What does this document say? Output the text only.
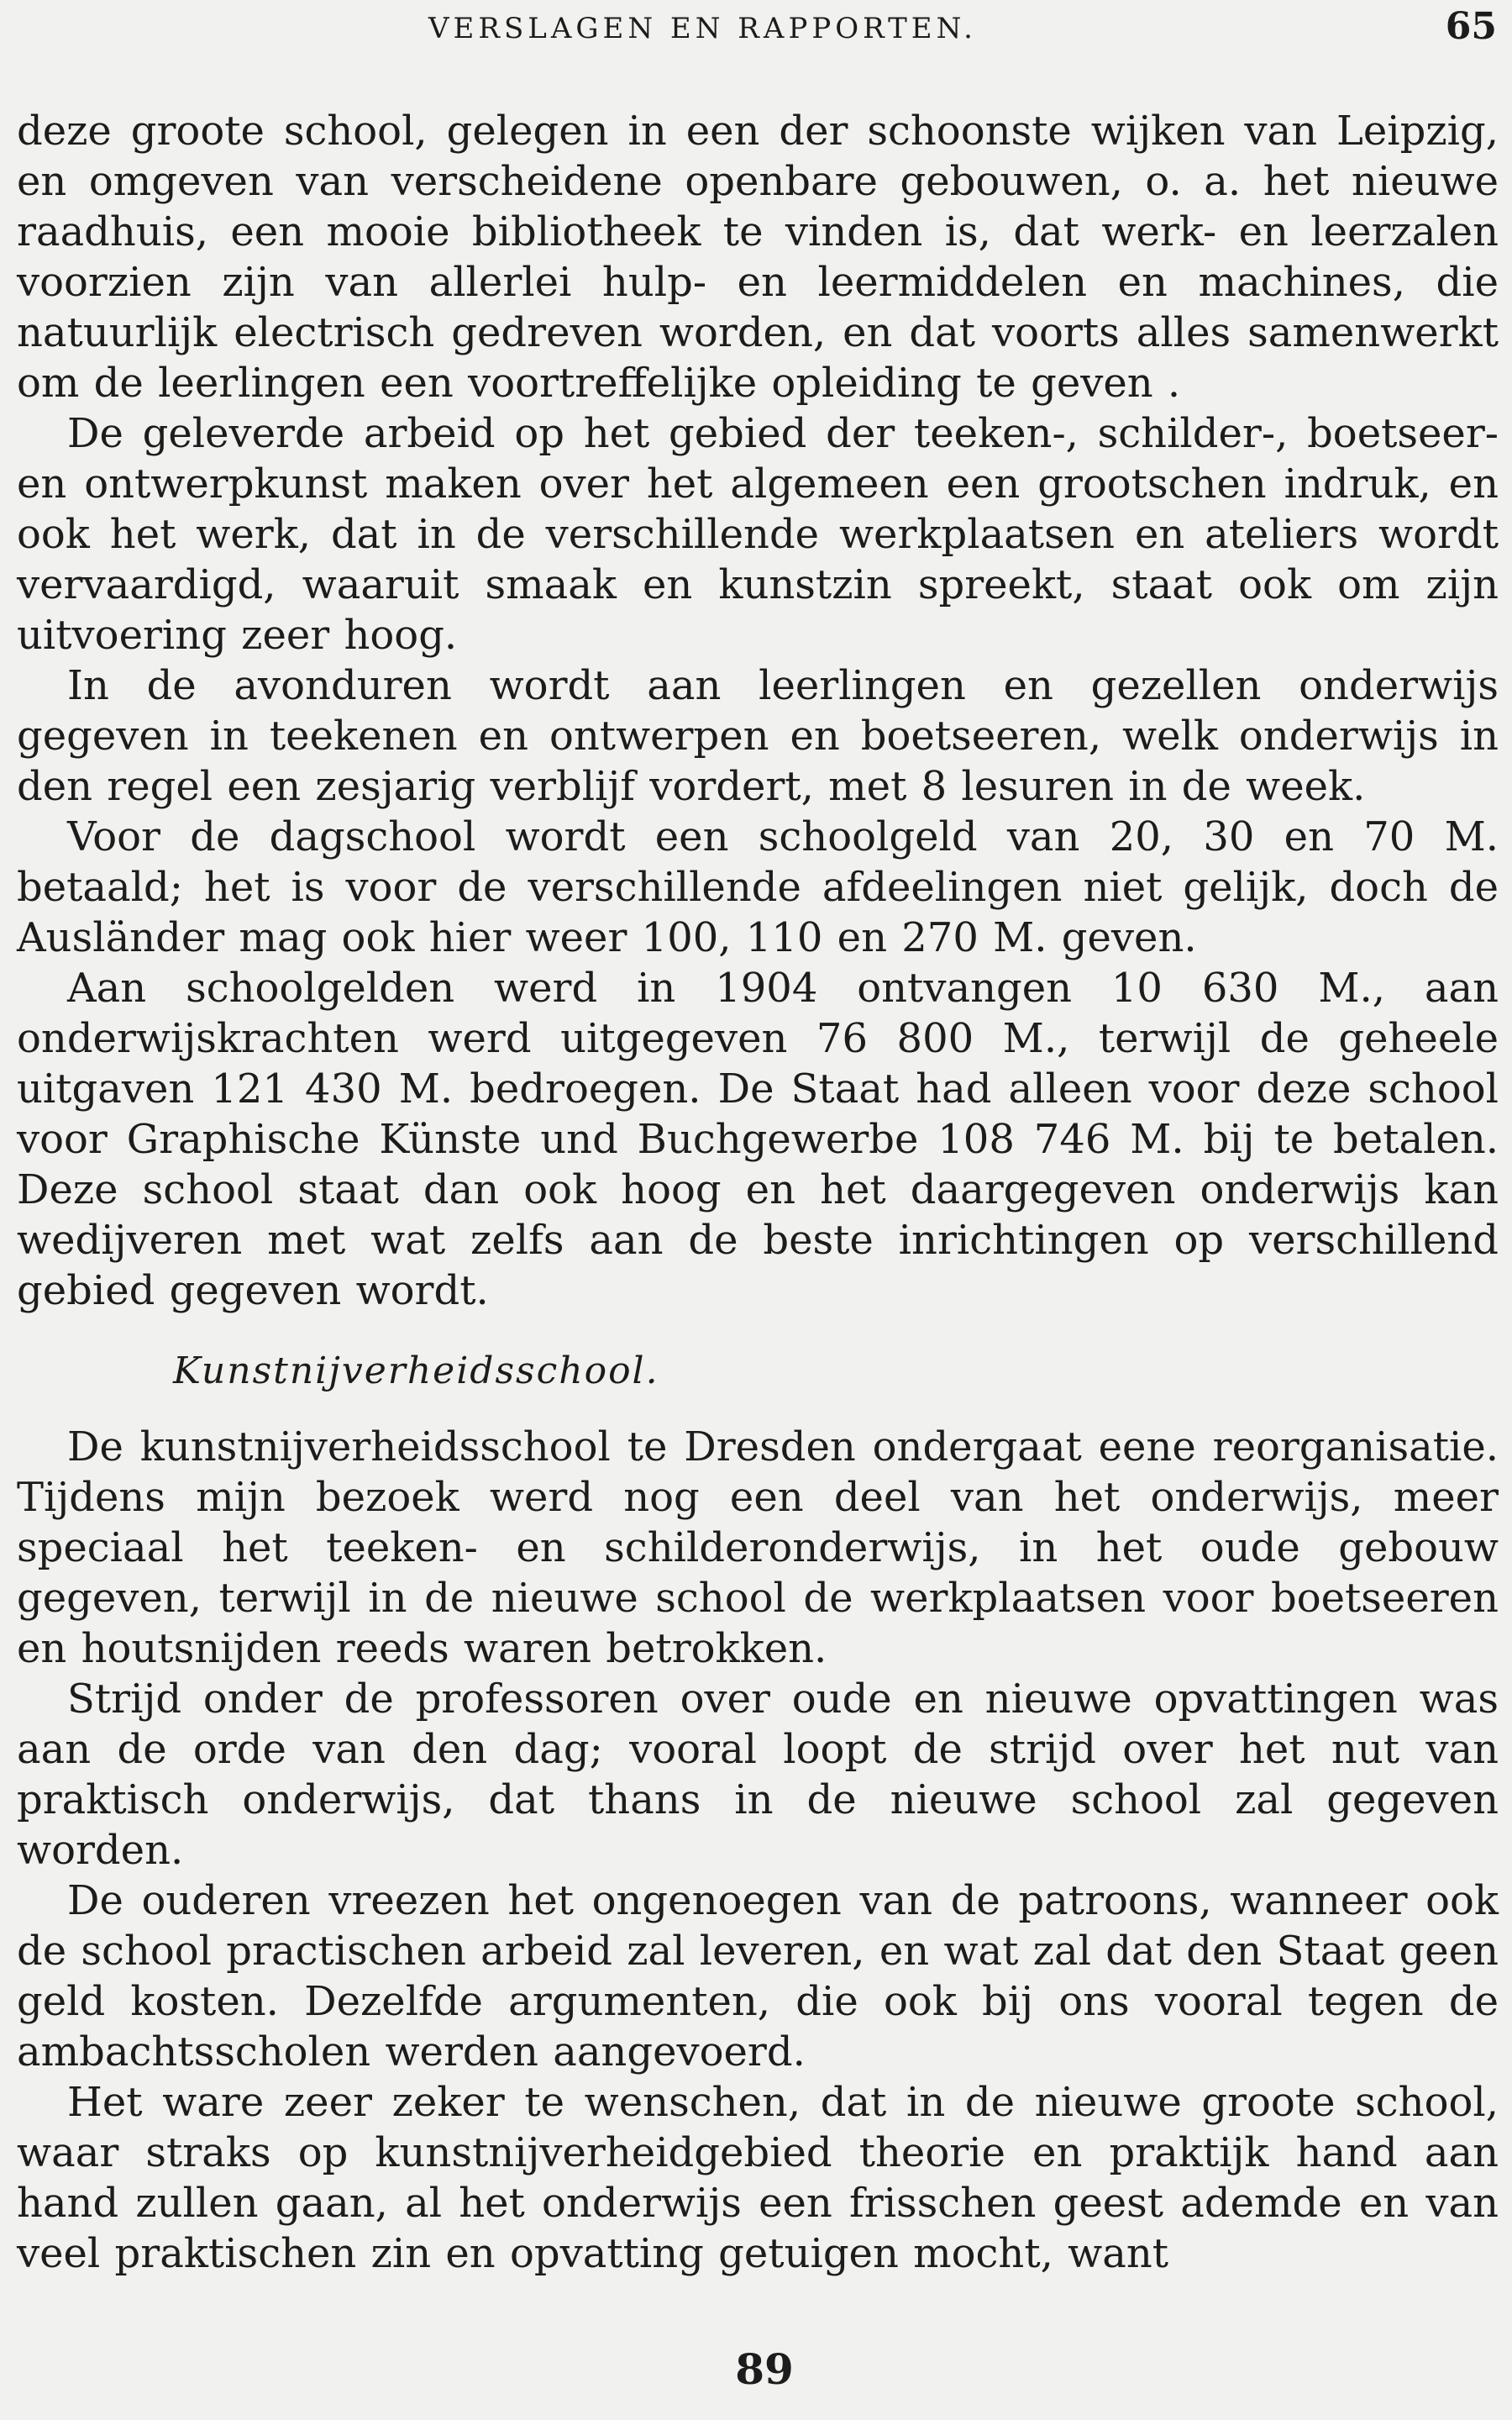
VERSLAGEN EN RAPPORTEN.	65

deze groote school, gelegen in een der schoonste wijken van Leipzig, en omgeven van verscheidene openbare gebouwen, o. a. het nieuwe raadhuis, een mooie bibliotheek te vinden is, dat werk- en leerzalen voorzien zijn van allerlei hulp- en leermiddelen en machines, die natuurlijk electrisch gedreven worden, en dat voorts alles samenwerkt om de leerlingen een voortreffelijke opleiding te geven .

De geleverde arbeid op het gebied der teeken-, schilder-, boetseer- en ontwerpkunst maken over het algemeen een grootschen indruk, en ook het werk, dat in de verschillende werkplaatsen en ateliers wordt vervaardigd, waaruit smaak en kunstzin spreekt, staat ook om zijn uitvoering zeer hoog.

In de avonduren wordt aan leerlingen en gezellen onderwijs gegeven in teekenen en ontwerpen en boetseeren, welk onderwijs in den regel een zesjarig verblijf vordert, met 8 lesuren in de week.

Voor de dagschool wordt een schoolgeld van 20, 30 en 70 M. betaald; het is voor de verschillende afdeelingen niet gelijk, doch de Ausländer mag ook hier weer 100, 110 en 270 M. geven.

Aan schoolgelden werd in 1904 ontvangen 10 630 M., aan onderwijskrachten werd uitgegeven 76 800 M., terwijl de geheele uitgaven 121 430 M. bedroegen. De Staat had alleen voor deze school voor Graphische Künste und Buchgewerbe 108 746 M. bij te betalen. Deze school staat dan ook hoog en het daargegeven onderwijs kan wedijveren met wat zelfs aan de beste inrichtingen op verschillend gebied gegeven wordt.

Kunstnijverheidsschool.

De kunstnijverheidsschool te Dresden ondergaat eene reorganisatie. Tijdens mijn bezoek werd nog een deel van het onderwijs, meer speciaal het teeken- en schilderonderwijs, in het oude gebouw gegeven, terwijl in de nieuwe school de werkplaatsen voor boetseeren en houtsnijden reeds waren betrokken.

Strijd onder de professoren over oude en nieuwe opvattingen was aan de orde van den dag; vooral loopt de strijd over het nut van praktisch onderwijs, dat thans in de nieuwe school zal gegeven worden.

De ouderen vreezen het ongenoegen van de patroons, wanneer ook de school practischen arbeid zal leveren, en wat zal dat den Staat geen geld kosten. Dezelfde argumenten, die ook bij ons vooral tegen de ambachtsscholen werden aangevoerd.

Het ware zeer zeker te wenschen, dat in de nieuwe groote school, waar straks op kunstnijverheidgebied theorie en praktijk hand aan hand zullen gaan, al het onderwijs een frisschen geest ademde en van veel praktischen zin en opvatting getuigen mocht, want

89
